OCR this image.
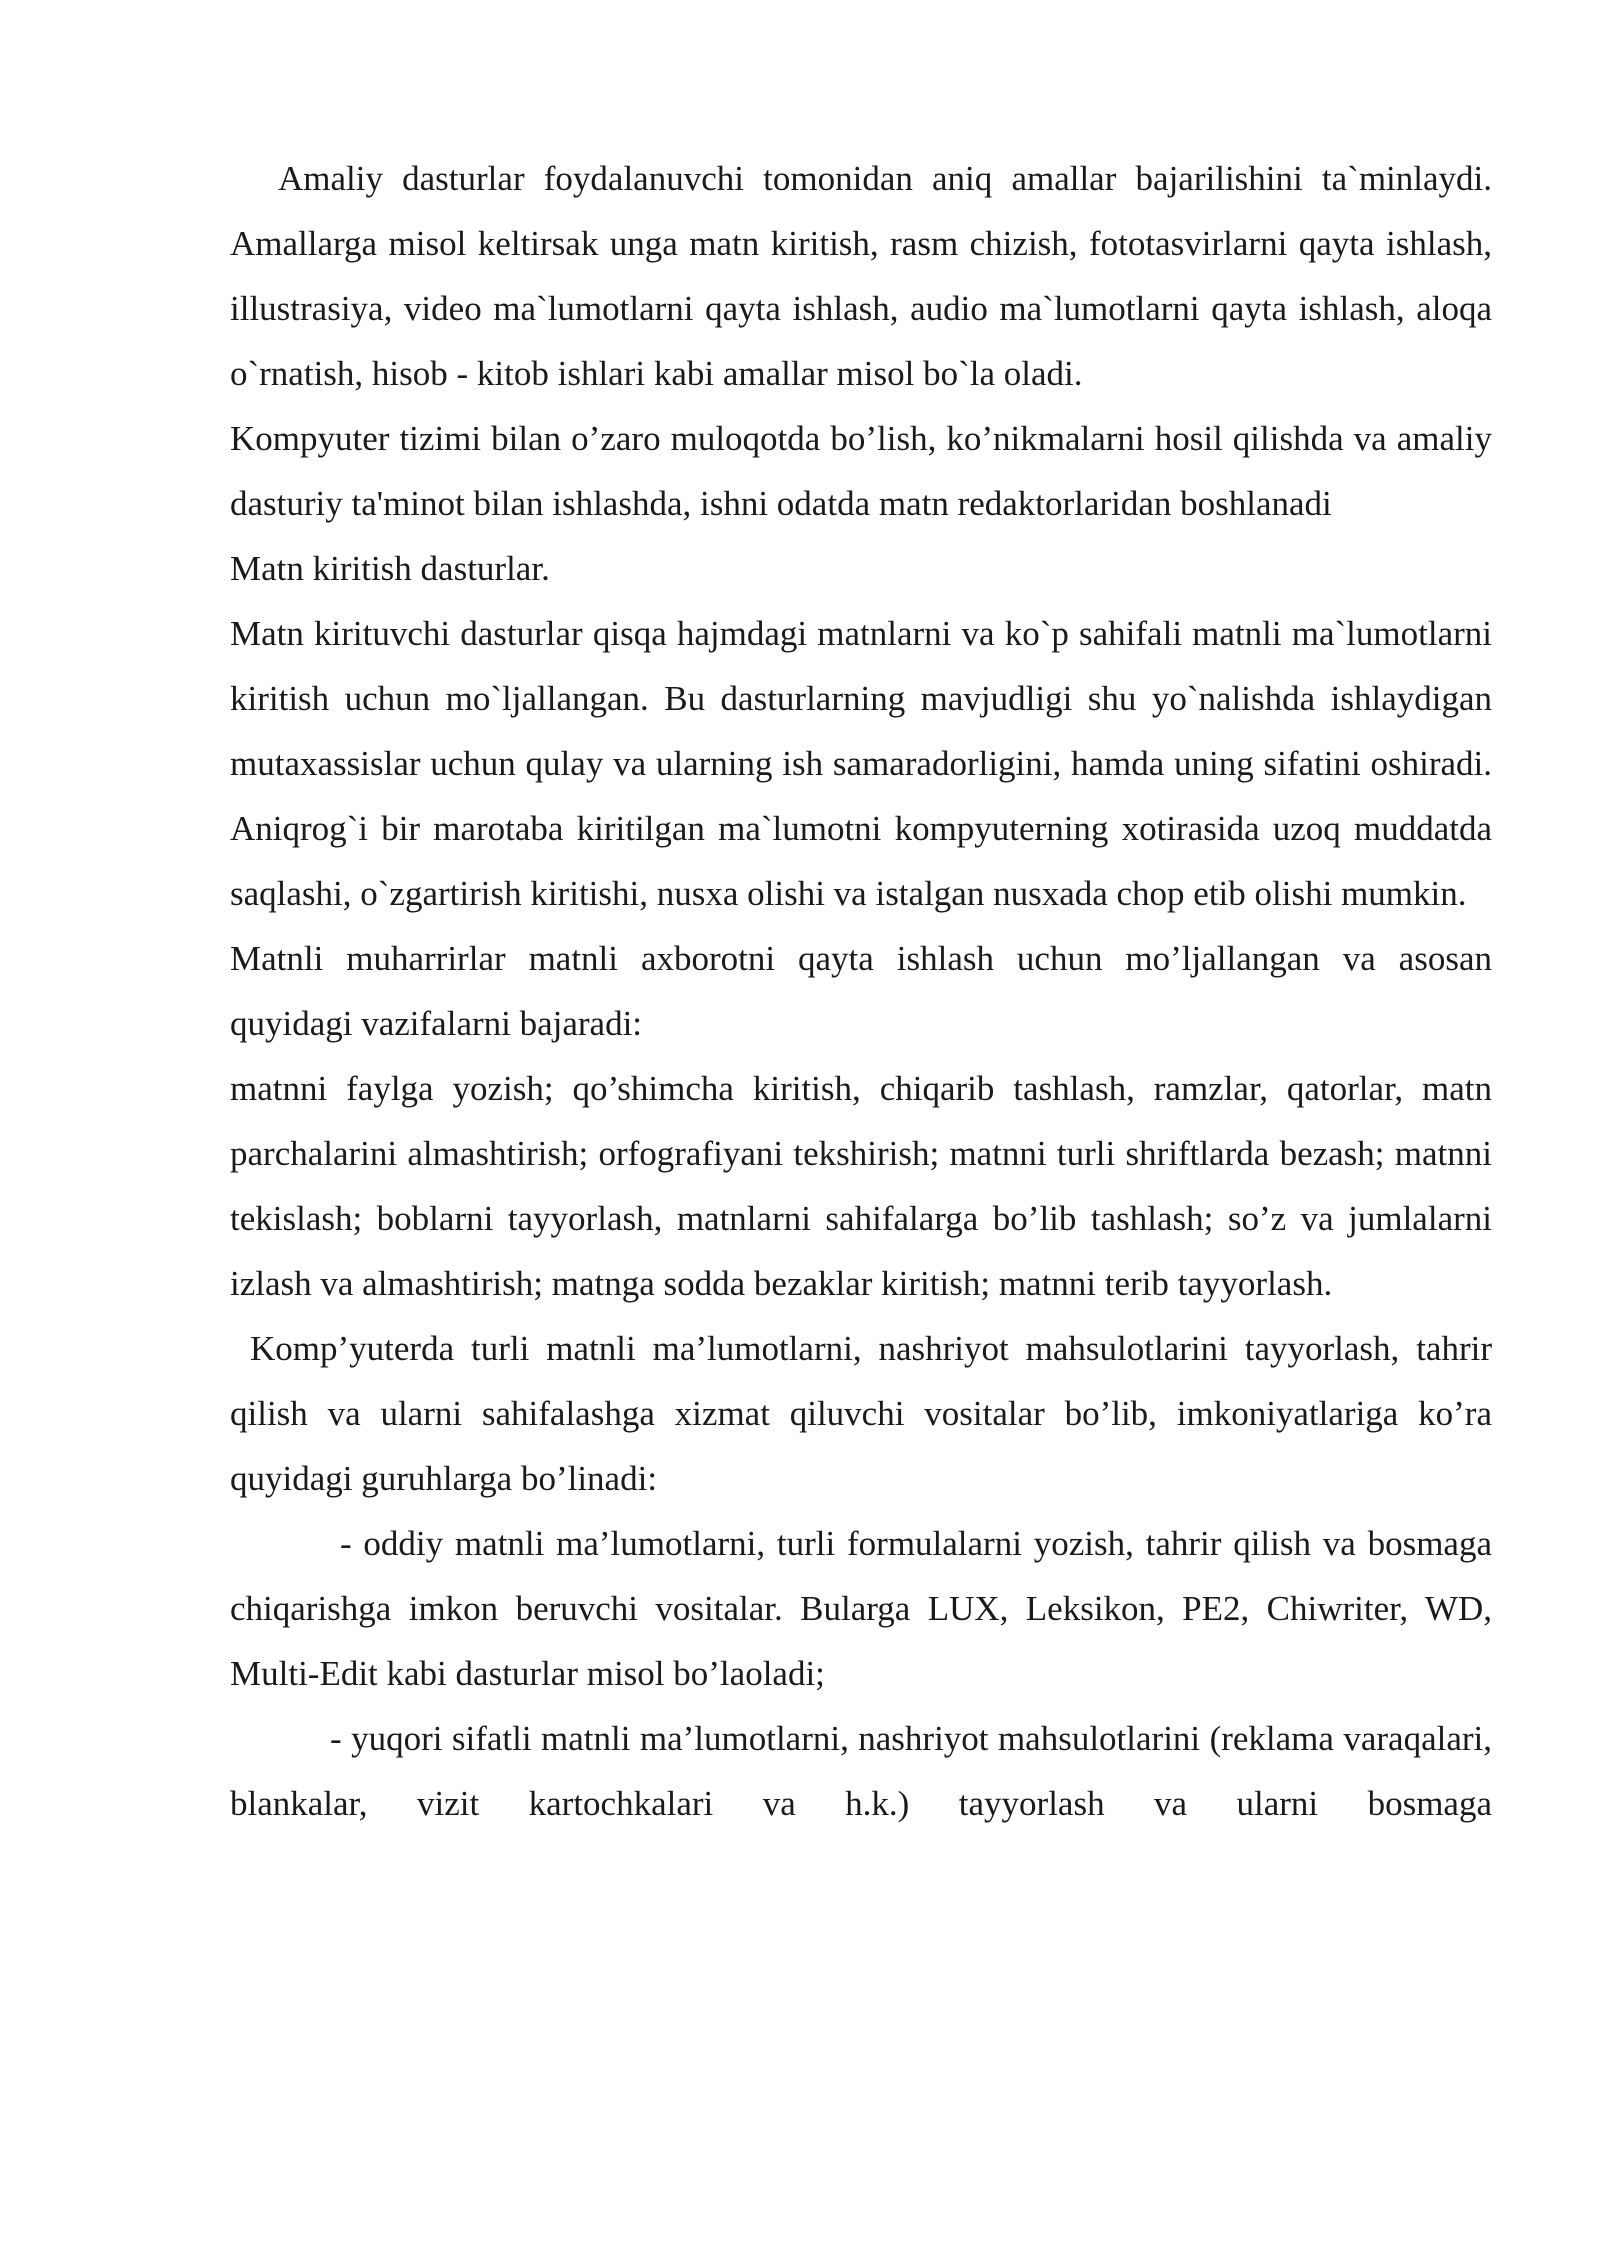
Amaliy dasturlar foydalanuvchi tomonidan aniq amallar bajarilishini ta`minlaydi. Amallarga misol keltirsak unga matn kiritish, rasm chizish, fototasvirlarni qayta ishlash, illustrasiya, video ma`lumotlarni qayta ishlash, audio ma`lumotlarni qayta ishlash, aloqa o`rnatish, hisob - kitob ishlari kabi amallar misol bo`la oladi.

Kompyuter tizimi bilan o’zaro muloqotda bo’lish, ko’nikmalarni hosil qilishda va amaliy dasturiy ta'minot bilan ishlashda, ishni odatda matn redaktorlaridan boshlanadi

Matn kiritish dasturlar.

Matn kirituvchi dasturlar qisqa hajmdagi matnlarni va ko`p sahifali matnli ma`lumotlarni kiritish uchun mo`ljallangan. Bu dasturlarning mavjudligi shu yo`nalishda ishlaydigan mutaxassislar uchun qulay va ularning ish samaradorligini, hamda uning sifatini oshiradi. Aniqrog`i bir marotaba kiritilgan ma`lumotni kompyuterning xotirasida uzoq muddatda saqlashi, o`zgartirish kiritishi, nusxa olishi va istalgan nusxada chop etib olishi mumkin.

Matnli muharrirlar matnli axborotni qayta ishlash uchun mo’ljallangan va asosan quyidagi vazifalarni bajaradi:

matnni faylga yozish; qo’shimcha kiritish, chiqarib tashlash, ramzlar, qatorlar, matn parchalarini almashtirish; orfografiyani tekshirish; matnni turli shriftlarda bezash; matnni tekislash; boblarni tayyorlash, matnlarni sahifalarga bo’lib tashlash; so’z va jumlalarni izlash va almashtirish; matnga sodda bezaklar kiritish; matnni terib tayyorlash.

Komp’yuterda turli matnli ma’lumotlarni, nashriyot mahsulotlarini tayyorlash, tahrir qilish va ularni sahifalashga xizmat qiluvchi vositalar bo’lib, imkoniyatlariga ko’ra quyidagi guruhlarga bo’linadi:

- oddiy matnli ma’lumotlarni, turli formulalarni yozish, tahrir qilish va bosmaga chiqarishga imkon beruvchi vositalar. Bularga LUX, Leksikon, PE2, Chiwriter, WD, Multi-Edit kabi dasturlar misol bo’laoladi;

- yuqori sifatli matnli ma’lumotlarni, nashriyot mahsulotlarini (reklama varaqalari, blankalar, vizit kartochkalari va h.k.) tayyorlash va ularni bosmaga
